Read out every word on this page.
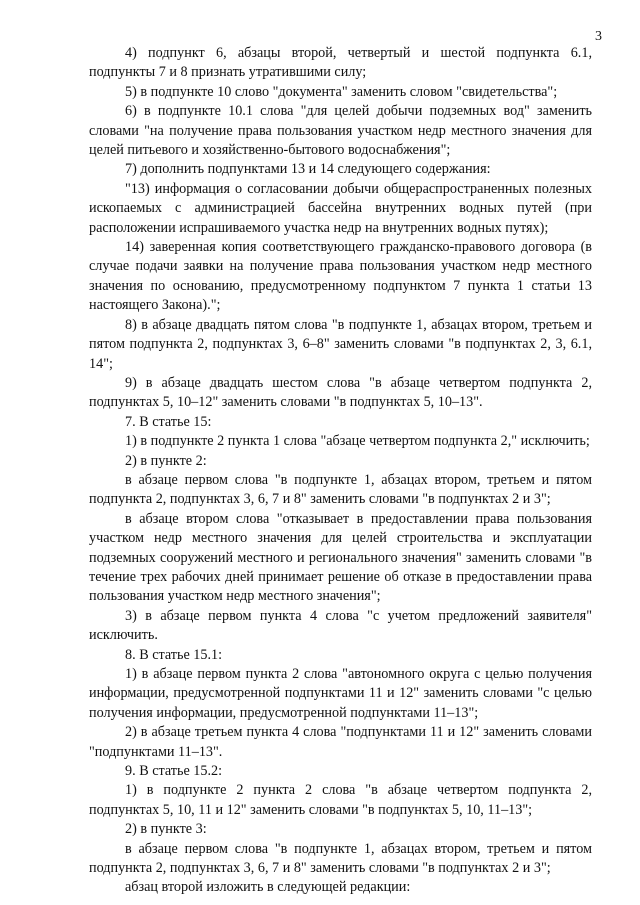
3

4) подпункт 6, абзацы второй, четвертый и шестой подпункта 6.1, подпункты 7 и 8 признать утратившими силу;

5) в подпункте 10 слово "документа" заменить словом "свидетельства";

6) в подпункте 10.1 слова "для целей добычи подземных вод" заменить словами "на получение права пользования участком недр местного значения для целей питьевого и хозяйственно-бытового водоснабжения";

7) дополнить подпунктами 13 и 14 следующего содержания:

"13) информация о согласовании добычи общераспространенных полезных ископаемых с администрацией бассейна внутренних водных путей (при расположении испрашиваемого участка недр на внутренних водных путях);

14) заверенная копия соответствующего гражданско-правового договора (в случае подачи заявки на получение права пользования участком недр местного значения по основанию, предусмотренному подпунктом 7 пункта 1 статьи 13 настоящего Закона).";

8) в абзаце двадцать пятом слова "в подпункте 1, абзацах втором, третьем и пятом подпункта 2, подпунктах 3, 6–8" заменить словами "в подпунктах 2, 3, 6.1, 14";

9) в абзаце двадцать шестом слова "в абзаце четвертом подпункта 2, подпунктах 5, 10–12" заменить словами "в подпунктах 5, 10–13".

7. В статье 15:

1) в подпункте 2 пункта 1 слова "абзаце четвертом подпункта 2," исключить;

2) в пункте 2:

в абзаце первом слова "в подпункте 1, абзацах втором, третьем и пятом подпункта 2, подпунктах 3, 6, 7 и 8" заменить словами "в подпунктах 2 и 3";

в абзаце втором слова "отказывает в предоставлении права пользования участком недр местного значения для целей строительства и эксплуатации подземных сооружений местного и регионального значения" заменить словами "в течение трех рабочих дней принимает решение об отказе в предоставлении права пользования участком недр местного значения";

3) в абзаце первом пункта 4 слова "с учетом предложений заявителя" исключить.

8. В статье 15.1:

1) в абзаце первом пункта 2 слова "автономного округа с целью получения информации, предусмотренной подпунктами 11 и 12" заменить словами "с целью получения информации, предусмотренной подпунктами 11–13";

2) в абзаце третьем пункта 4 слова "подпунктами 11 и 12" заменить словами "подпунктами 11–13".

9. В статье 15.2:

1) в подпункте 2 пункта 2 слова "в абзаце четвертом подпункта 2, подпунктах 5, 10, 11 и 12" заменить словами "в подпунктах 5, 10, 11–13";

2) в пункте 3:

в абзаце первом слова "в подпункте 1, абзацах втором, третьем и пятом подпункта 2, подпунктах 3, 6, 7 и 8" заменить словами "в подпунктах 2 и 3";

абзац второй изложить в следующей редакции:
